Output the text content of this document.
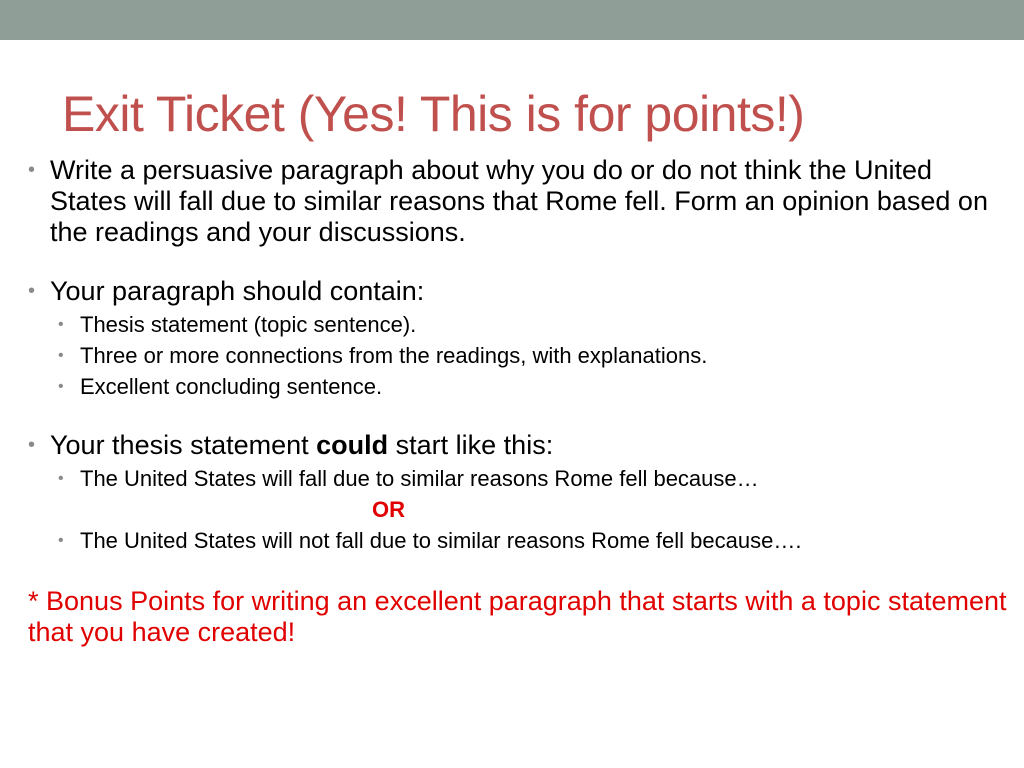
Exit Ticket (Yes! This is for points!)
• Write a persuasive paragraph about why you do or do not think the United States will fall due to similar reasons that Rome fell. Form an opinion based on the readings and your discussions.
• Your paragraph should contain:
• Thesis statement (topic sentence).
• Three or more connections from the readings, with explanations.
• Excellent concluding sentence.
• Your thesis statement could start like this:
• The United States will fall due to similar reasons Rome fell because…
OR
• The United States will not fall due to similar reasons Rome fell because….
* Bonus Points for writing an excellent paragraph that starts with a topic statement that you have created!
